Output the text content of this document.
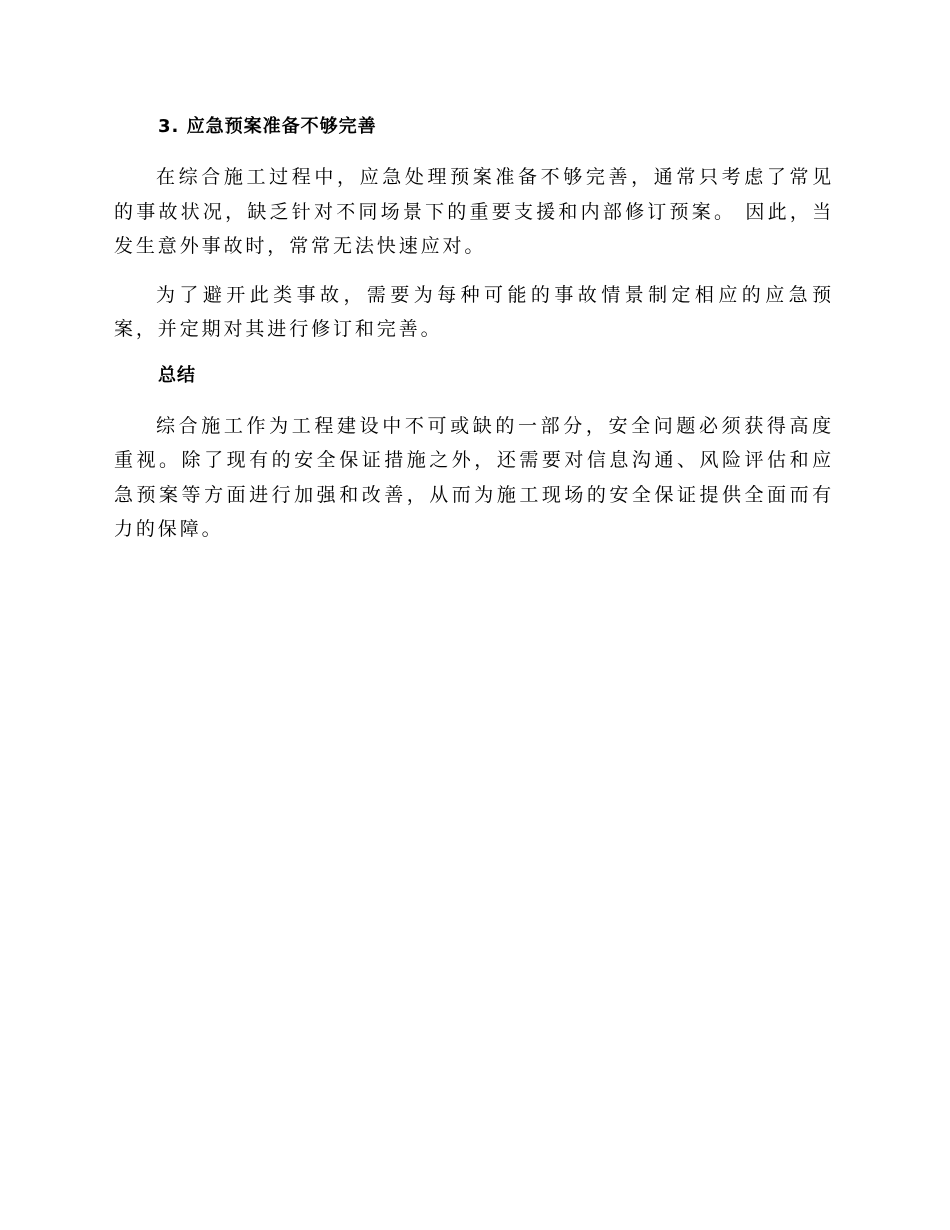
3. 应急预案准备不够完善

在综合施工过程中，应急处理预案准备不够完善，通常只考虑了常见的事故状况，缺乏针对不同场景下的重要支援和内部修订预案。 因此，当发生意外事故时，常常无法快速应对。

为了避开此类事故，需要为每种可能的事故情景制定相应的应急预案，并定期对其进行修订和完善。

总结

综合施工作为工程建设中不可或缺的一部分，安全问题必须获得高度重视。除了现有的安全保证措施之外，还需要对信息沟通、风险评估和应急预案等方面进行加强和改善，从而为施工现场的安全保证提供全面而有力的保障。
